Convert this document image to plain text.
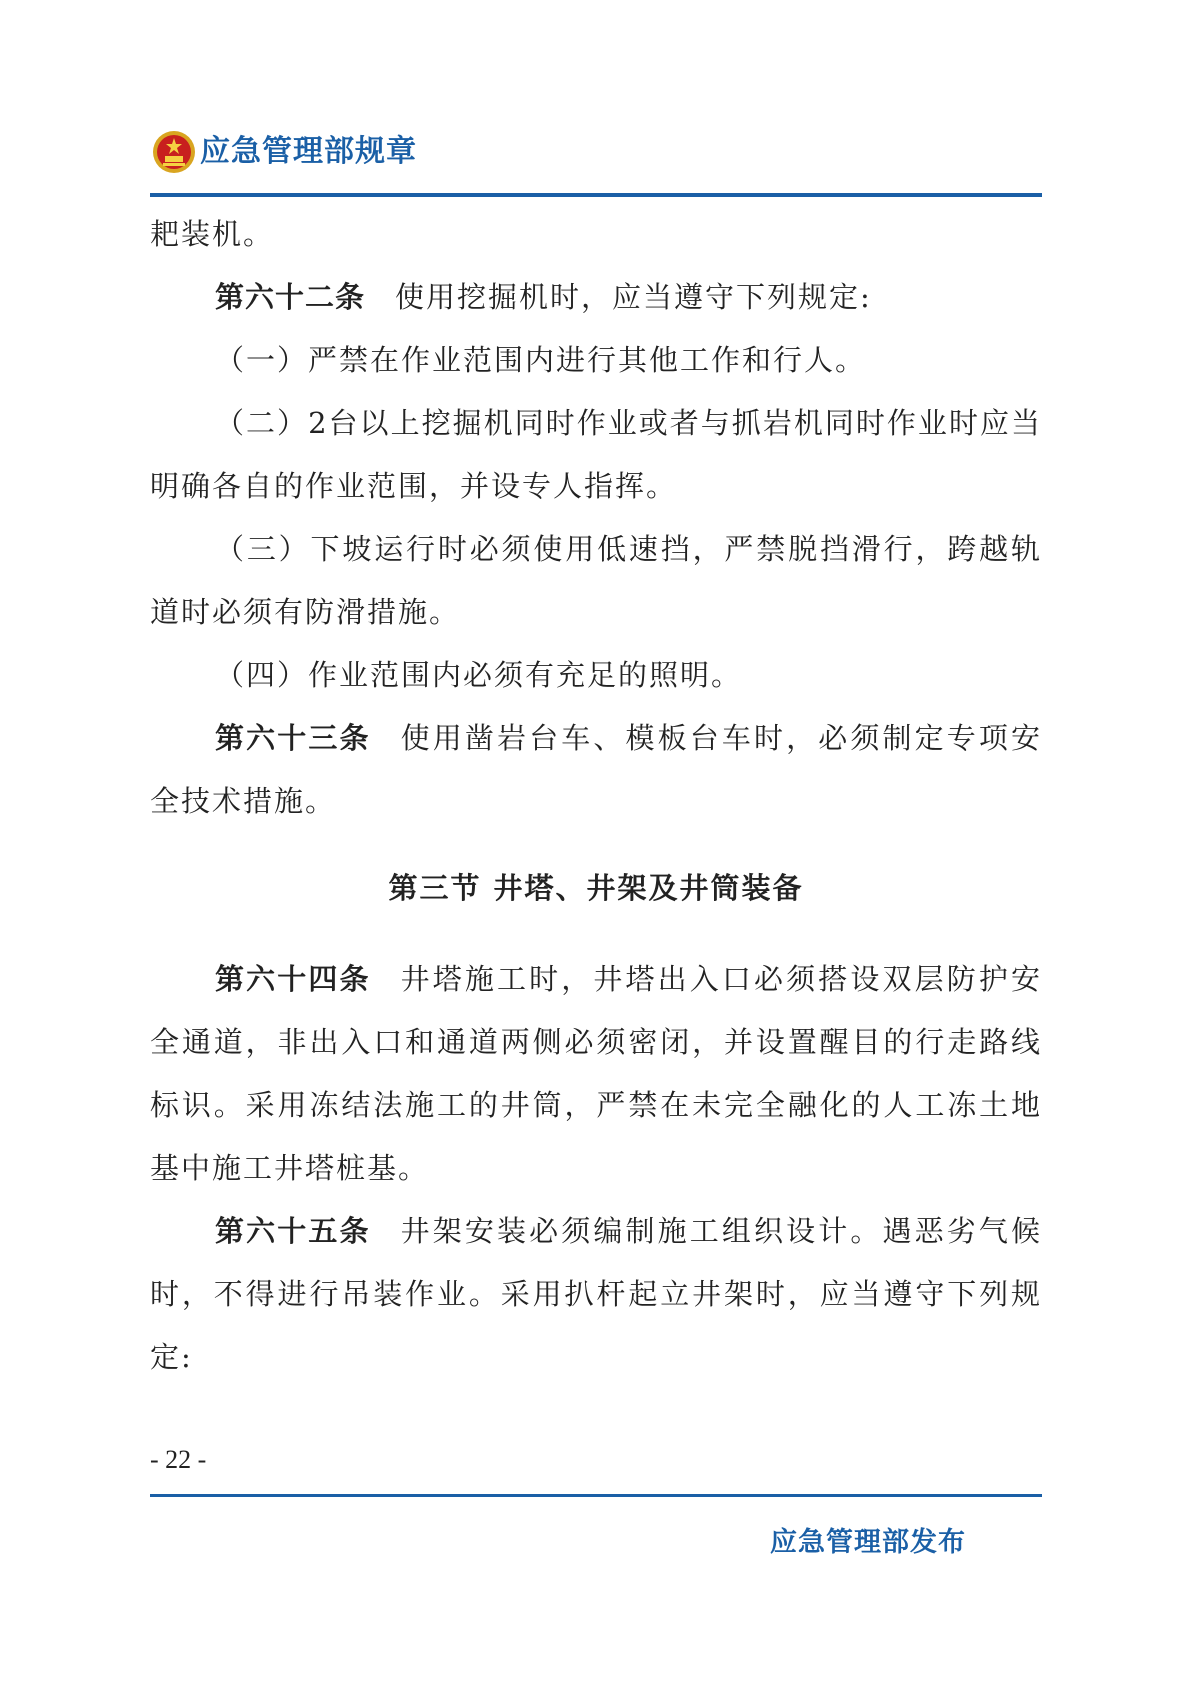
应急管理部规章

耙装机。

第六十二条 使用挖掘机时，应当遵守下列规定:

（一）严禁在作业范围内进行其他工作和行人。

（二）2台以上挖掘机同时作业或者与抓岩机同时作业时应当明确各自的作业范围，并设专人指挥。

（三）下坡运行时必须使用低速挡，严禁脱挡滑行，跨越轨道时必须有防滑措施。

（四）作业范围内必须有充足的照明。

第六十三条 使用凿岩台车、模板台车时，必须制定专项安全技术措施。

第三节 井塔、井架及井筒装备

第六十四条 井塔施工时，井塔出入口必须搭设双层防护安全通道，非出入口和通道两侧必须密闭，并设置醒目的行走路线标识。采用冻结法施工的井筒，严禁在未完全融化的人工冻土地基中施工井塔桩基。

第六十五条 井架安装必须编制施工组织设计。遇恶劣气候时，不得进行吊装作业。采用扒杆起立井架时，应当遵守下列规定:

- 22 -
应急管理部发布
